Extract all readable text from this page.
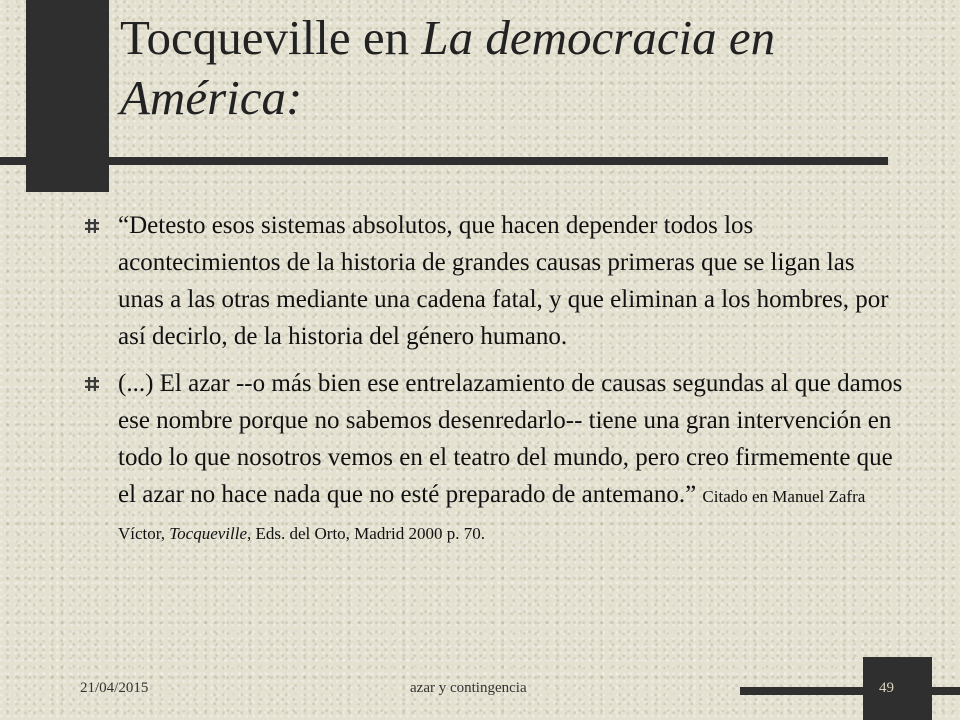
Tocqueville en La democracia en América:
“Detesto esos sistemas absolutos, que hacen depender todos los acontecimientos de la historia de grandes causas primeras que se ligan las unas a las otras mediante una cadena fatal, y que eliminan a los hombres, por así decirlo, de la historia del género humano.
(...) El azar --o más bien ese entrelazamiento de causas segundas al que damos ese nombre porque no sabemos desenredarlo-- tiene una gran intervención en todo lo que nosotros vemos en el teatro del mundo, pero creo firmemente que el azar no hace nada que no esté preparado de antemano.” Citado en Manuel Zafra Víctor, Tocqueville, Eds. del Orto, Madrid 2000 p. 70.
21/04/2015	azar y contingencia	49
